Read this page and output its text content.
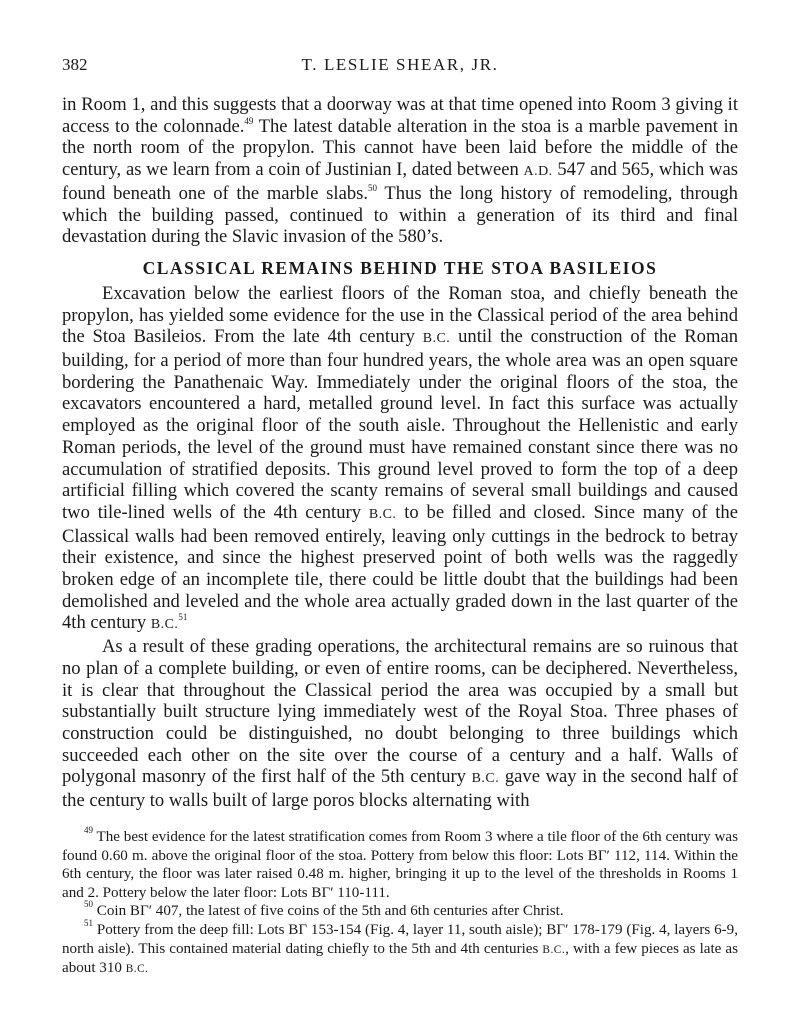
382	T. LESLIE SHEAR, JR.

in Room 1, and this suggests that a doorway was at that time opened into Room 3 giving it access to the colonnade.$^{49}$ The latest datable alteration in the stoa is a marble pavement in the north room of the propylon. This cannot have been laid before the middle of the century, as we learn from a coin of Justinian I, dated between A.D. 547 and 565, which was found beneath one of the marble slabs.$^{50}$ Thus the long history of remodeling, through which the building passed, continued to within a generation of its third and final devastation during the Slavic invasion of the 580’s.

CLASSICAL REMAINS BEHIND THE STOA BASILEIOS

Excavation below the earliest floors of the Roman stoa, and chiefly beneath the propylon, has yielded some evidence for the use in the Classical period of the area behind the Stoa Basileios. From the late 4th century B.C. until the construction of the Roman building, for a period of more than four hundred years, the whole area was an open square bordering the Panathenaic Way. Immediately under the original floors of the stoa, the excavators encountered a hard, metalled ground level. In fact this surface was actually employed as the original floor of the south aisle. Throughout the Hellenistic and early Roman periods, the level of the ground must have remained constant since there was no accumulation of stratified deposits. This ground level proved to form the top of a deep artificial filling which covered the scanty remains of several small buildings and caused two tile-lined wells of the 4th century B.C. to be filled and closed. Since many of the Classical walls had been removed entirely, leaving only cuttings in the bedrock to betray their existence, and since the highest preserved point of both wells was the raggedly broken edge of an incomplete tile, there could be little doubt that the buildings had been demolished and leveled and the whole area actually graded down in the last quarter of the 4th century B.C.$^{51}$

As a result of these grading operations, the architectural remains are so ruinous that no plan of a complete building, or even of entire rooms, can be deciphered. Nevertheless, it is clear that throughout the Classical period the area was occupied by a small but substantially built structure lying immediately west of the Royal Stoa. Three phases of construction could be distinguished, no doubt belonging to three buildings which succeeded each other on the site over the course of a century and a half. Walls of polygonal masonry of the first half of the 5th century B.C. gave way in the second half of the century to walls built of large poros blocks alternating with

$^{49}$ The best evidence for the latest stratification comes from Room 3 where a tile floor of the 6th century was found 0.60 m. above the original floor of the stoa. Pottery from below this floor: Lots BΓ′ 112, 114. Within the 6th century, the floor was later raised 0.48 m. higher, bringing it up to the level of the thresholds in Rooms 1 and 2. Pottery below the later floor: Lots BΓ′ 110-111.

$^{50}$ Coin BΓ′ 407, the latest of five coins of the 5th and 6th centuries after Christ.

$^{51}$ Pottery from the deep fill: Lots BΓ 153-154 (Fig. 4, layer 11, south aisle); BΓ′ 178-179 (Fig. 4, layers 6-9, north aisle). This contained material dating chiefly to the 5th and 4th centuries B.C., with a few pieces as late as about 310 B.C.
